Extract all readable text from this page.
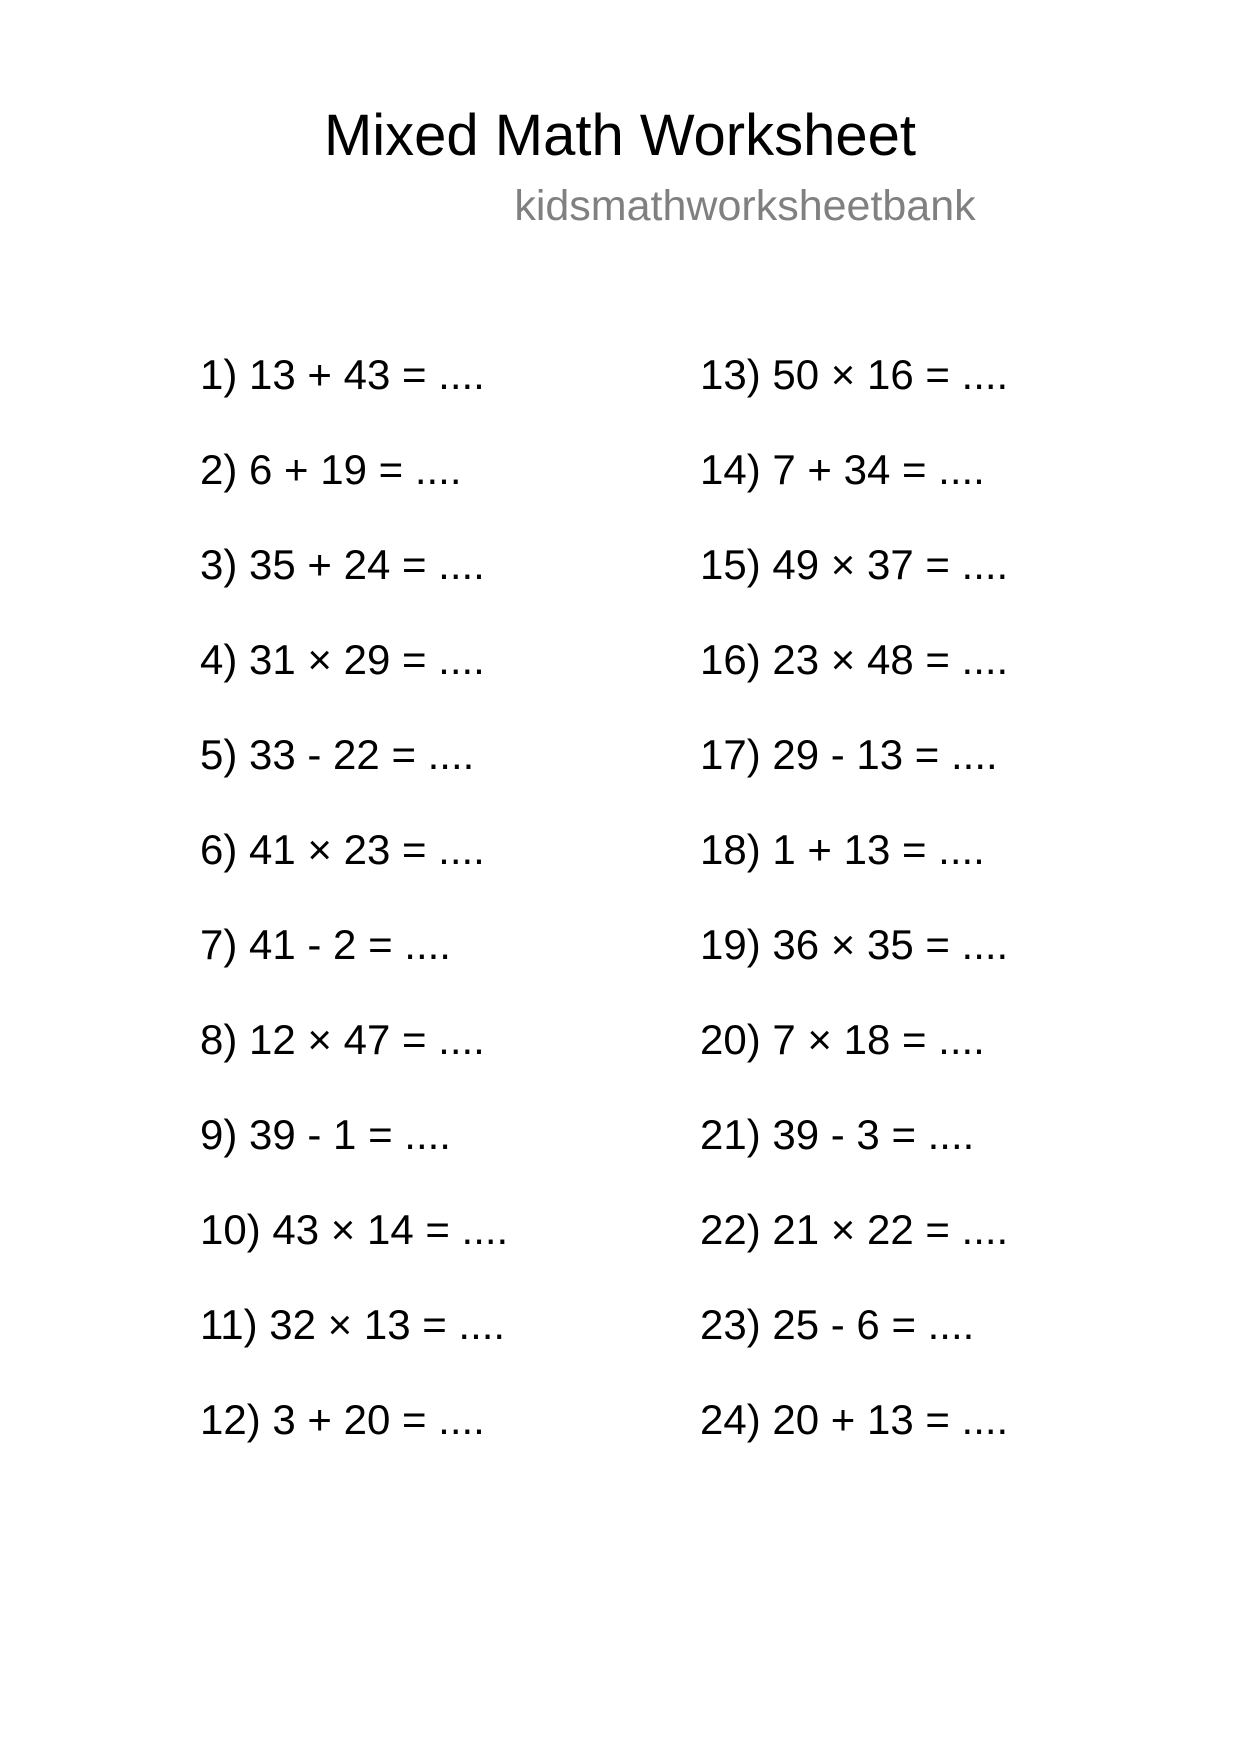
Mixed Math Worksheet
kidsmathworksheetbank
1) 13 + 43 = ....
2) 6 + 19 = ....
3) 35 + 24 = ....
4) 31 × 29 = ....
5) 33 - 22 = ....
6) 41 × 23 = ....
7) 41 - 2 = ....
8) 12 × 47 = ....
9) 39 - 1 = ....
10) 43 × 14 = ....
11) 32 × 13 = ....
12) 3 + 20 = ....
13) 50 × 16 = ....
14) 7 + 34 = ....
15) 49 × 37 = ....
16) 23 × 48 = ....
17) 29 - 13 = ....
18) 1 + 13 = ....
19) 36 × 35 = ....
20) 7 × 18 = ....
21) 39 - 3 = ....
22) 21 × 22 = ....
23) 25 - 6 = ....
24) 20 + 13 = ....
